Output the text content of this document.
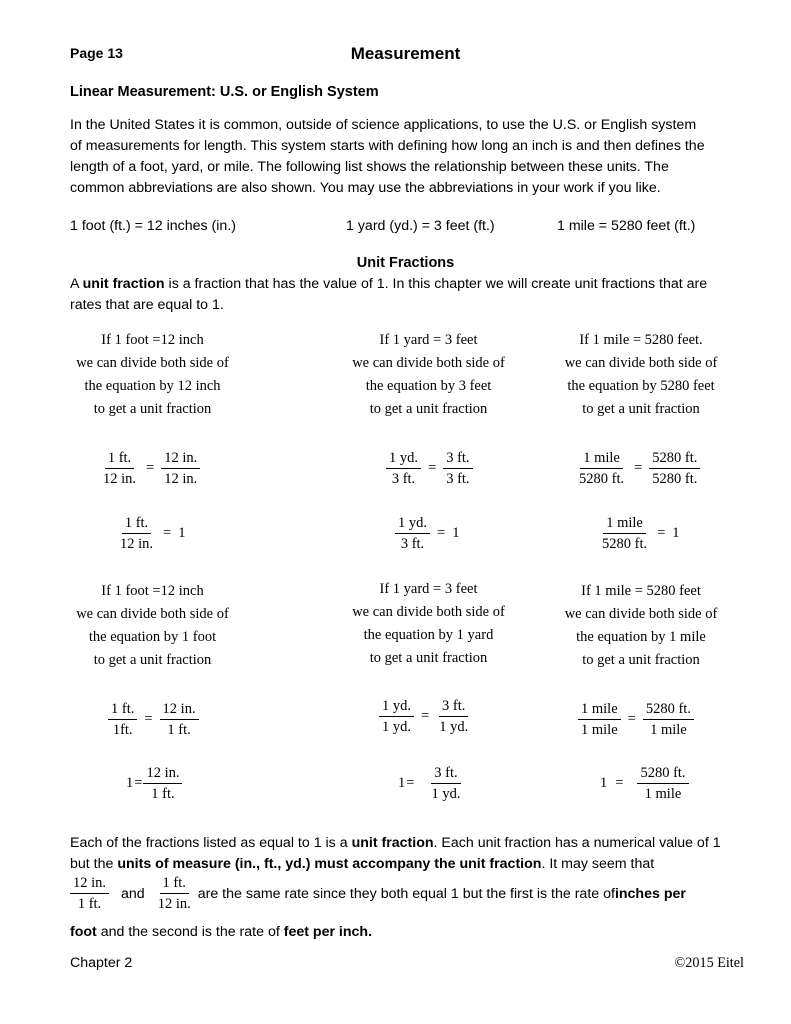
Page 13	Measurement
Linear Measurement: U.S. or English System
In the United States it is common, outside of science applications, to use the U.S. or English system
of measurements for length. This system starts with defining how long an inch is and then defines the
length of a foot, yard, or mile. The following list shows the relationship between these units. The
common abbreviations are also shown. You may use the abbreviations in your work if you like.
1 foot (ft.) = 12 inches (in.)	1 yard (yd.) = 3 feet (ft.)	1 mile = 5280 feet (ft.)
Unit Fractions
A unit fraction is a fraction that has the value of 1. In this chapter we will create unit fractions that are
rates that are equal to 1.
If 1 foot =12 inch
we can divide both side of
the equation by 12 inch
to get a unit fraction
If 1 yard = 3 feet
we can divide both side of
the equation by 3 feet
to get a unit fraction
If 1 mile = 5280 feet.
we can divide both side of
the equation by 5280 feet
to get a unit fraction
$\frac{1 ft.}{12 in.} = \frac{12 in.}{12 in.}$	$\frac{1 yd.}{3 ft.} = \frac{3 ft.}{3 ft.}$	$\frac{\text{1 mile}}{5280 ft.} = \frac{5280 ft.}{5280 ft.}$
$\frac{1 ft.}{12 in.} = 1$	$\frac{1 yd.}{3 ft.} = 1$	$\frac{\text{1 mile}}{5280 ft.} = 1$
If 1 foot =12 inch
we can divide both side of
the equation by 1 foot
to get a unit fraction
If 1 yard = 3 feet
we can divide both side of
the equation by 1 yard
to get a unit fraction
If 1 mile = 5280 feet
we can divide both side of
the equation by 1 mile
to get a unit fraction
$\frac{1 ft.}{1ft.} = \frac{12 in.}{1 ft.}$	$\frac{1 yd.}{1 yd.} = \frac{3 ft.}{1 yd.}$	$\frac{\text{1 mile}}{\text{1 mile}} = \frac{5280 ft.}{\text{1 mile}}$
$1 = \frac{12 in.}{1 ft.}$	$1 = \frac{3 ft.}{1 yd.}$	$1 = \frac{5280 ft.}{\text{1 mile}}$
Each of the fractions listed as equal to 1 is a unit fraction. Each unit fraction has a numerical value of 1
but the units of measure (in., ft., yd.) must accompany the unit fraction. It may seem that
$\frac{12 in.}{1 ft.}$ and $\frac{1 ft.}{12 in.}$ are the same rate since they both equal 1 but the first is the rate of inches per
foot and the second is the rate of feet per inch.
Chapter 2	©2015 Eitel
